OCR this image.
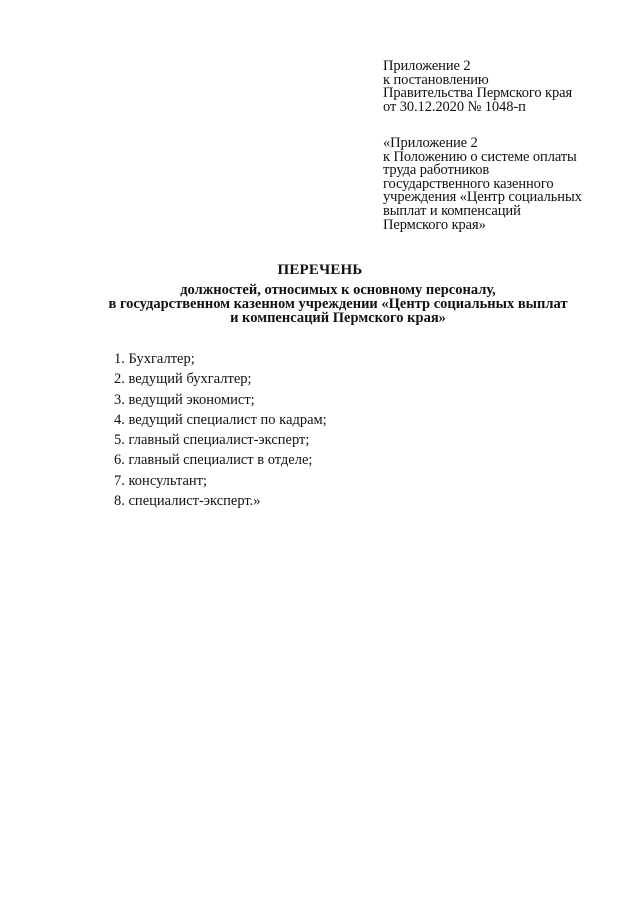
Приложение 2
к постановлению
Правительства Пермского края
от 30.12.2020 № 1048-п
«Приложение 2
к Положению о системе оплаты
труда работников
государственного казенного
учреждения «Центр социальных
выплат и компенсаций
Пермского края»
ПЕРЕЧЕНЬ
должностей, относимых к основному персоналу,
в государственном казенном учреждении «Центр социальных выплат
и компенсаций Пермского края»
1. Бухгалтер;
2. ведущий бухгалтер;
3. ведущий экономист;
4. ведущий специалист по кадрам;
5. главный специалист-эксперт;
6. главный специалист в отделе;
7. консультант;
8. специалист-эксперт.»
